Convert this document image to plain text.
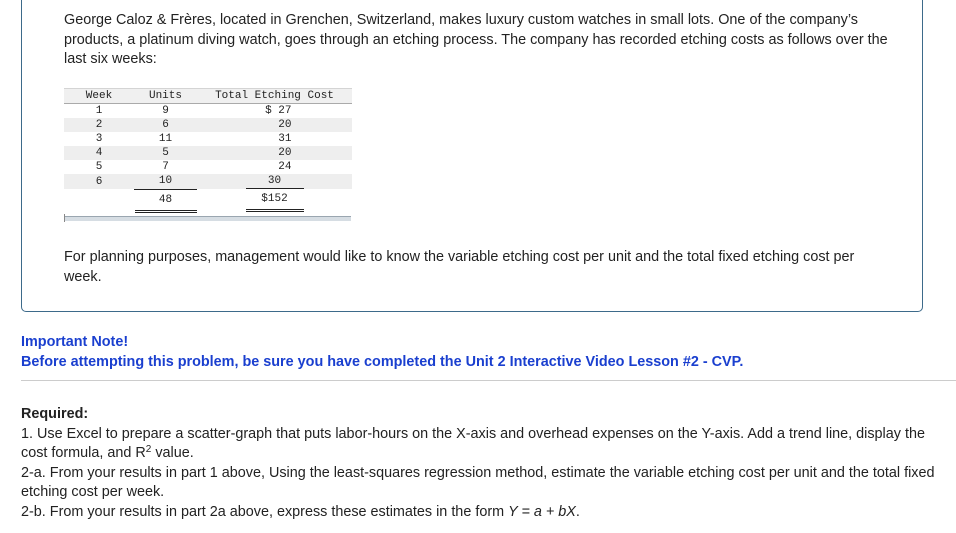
George Caloz & Frères, located in Grenchen, Switzerland, makes luxury custom watches in small lots. One of the company’s products, a platinum diving watch, goes through an etching process. The company has recorded etching costs as follows over the last six weeks:

Week	Units	Total Etching Cost
1	9	$ 27
2	6	20
3	11	31
4	5	20
5	7	24
6	10	30
	48	$152

For planning purposes, management would like to know the variable etching cost per unit and the total fixed etching cost per week.

Important Note!
Before attempting this problem, be sure you have completed the Unit 2 Interactive Video Lesson #2 - CVP.
Required:
1. Use Excel to prepare a scatter-graph that puts labor-hours on the X-axis and overhead expenses on the Y-axis. Add a trend line, display the cost formula, and $R^2$ value.
2-a. From your results in part 1 above, Using the least-squares regression method, estimate the variable etching cost per unit and the total fixed etching cost per week.
2-b. From your results in part 2a above, express these estimates in the form Y = a + bX.
